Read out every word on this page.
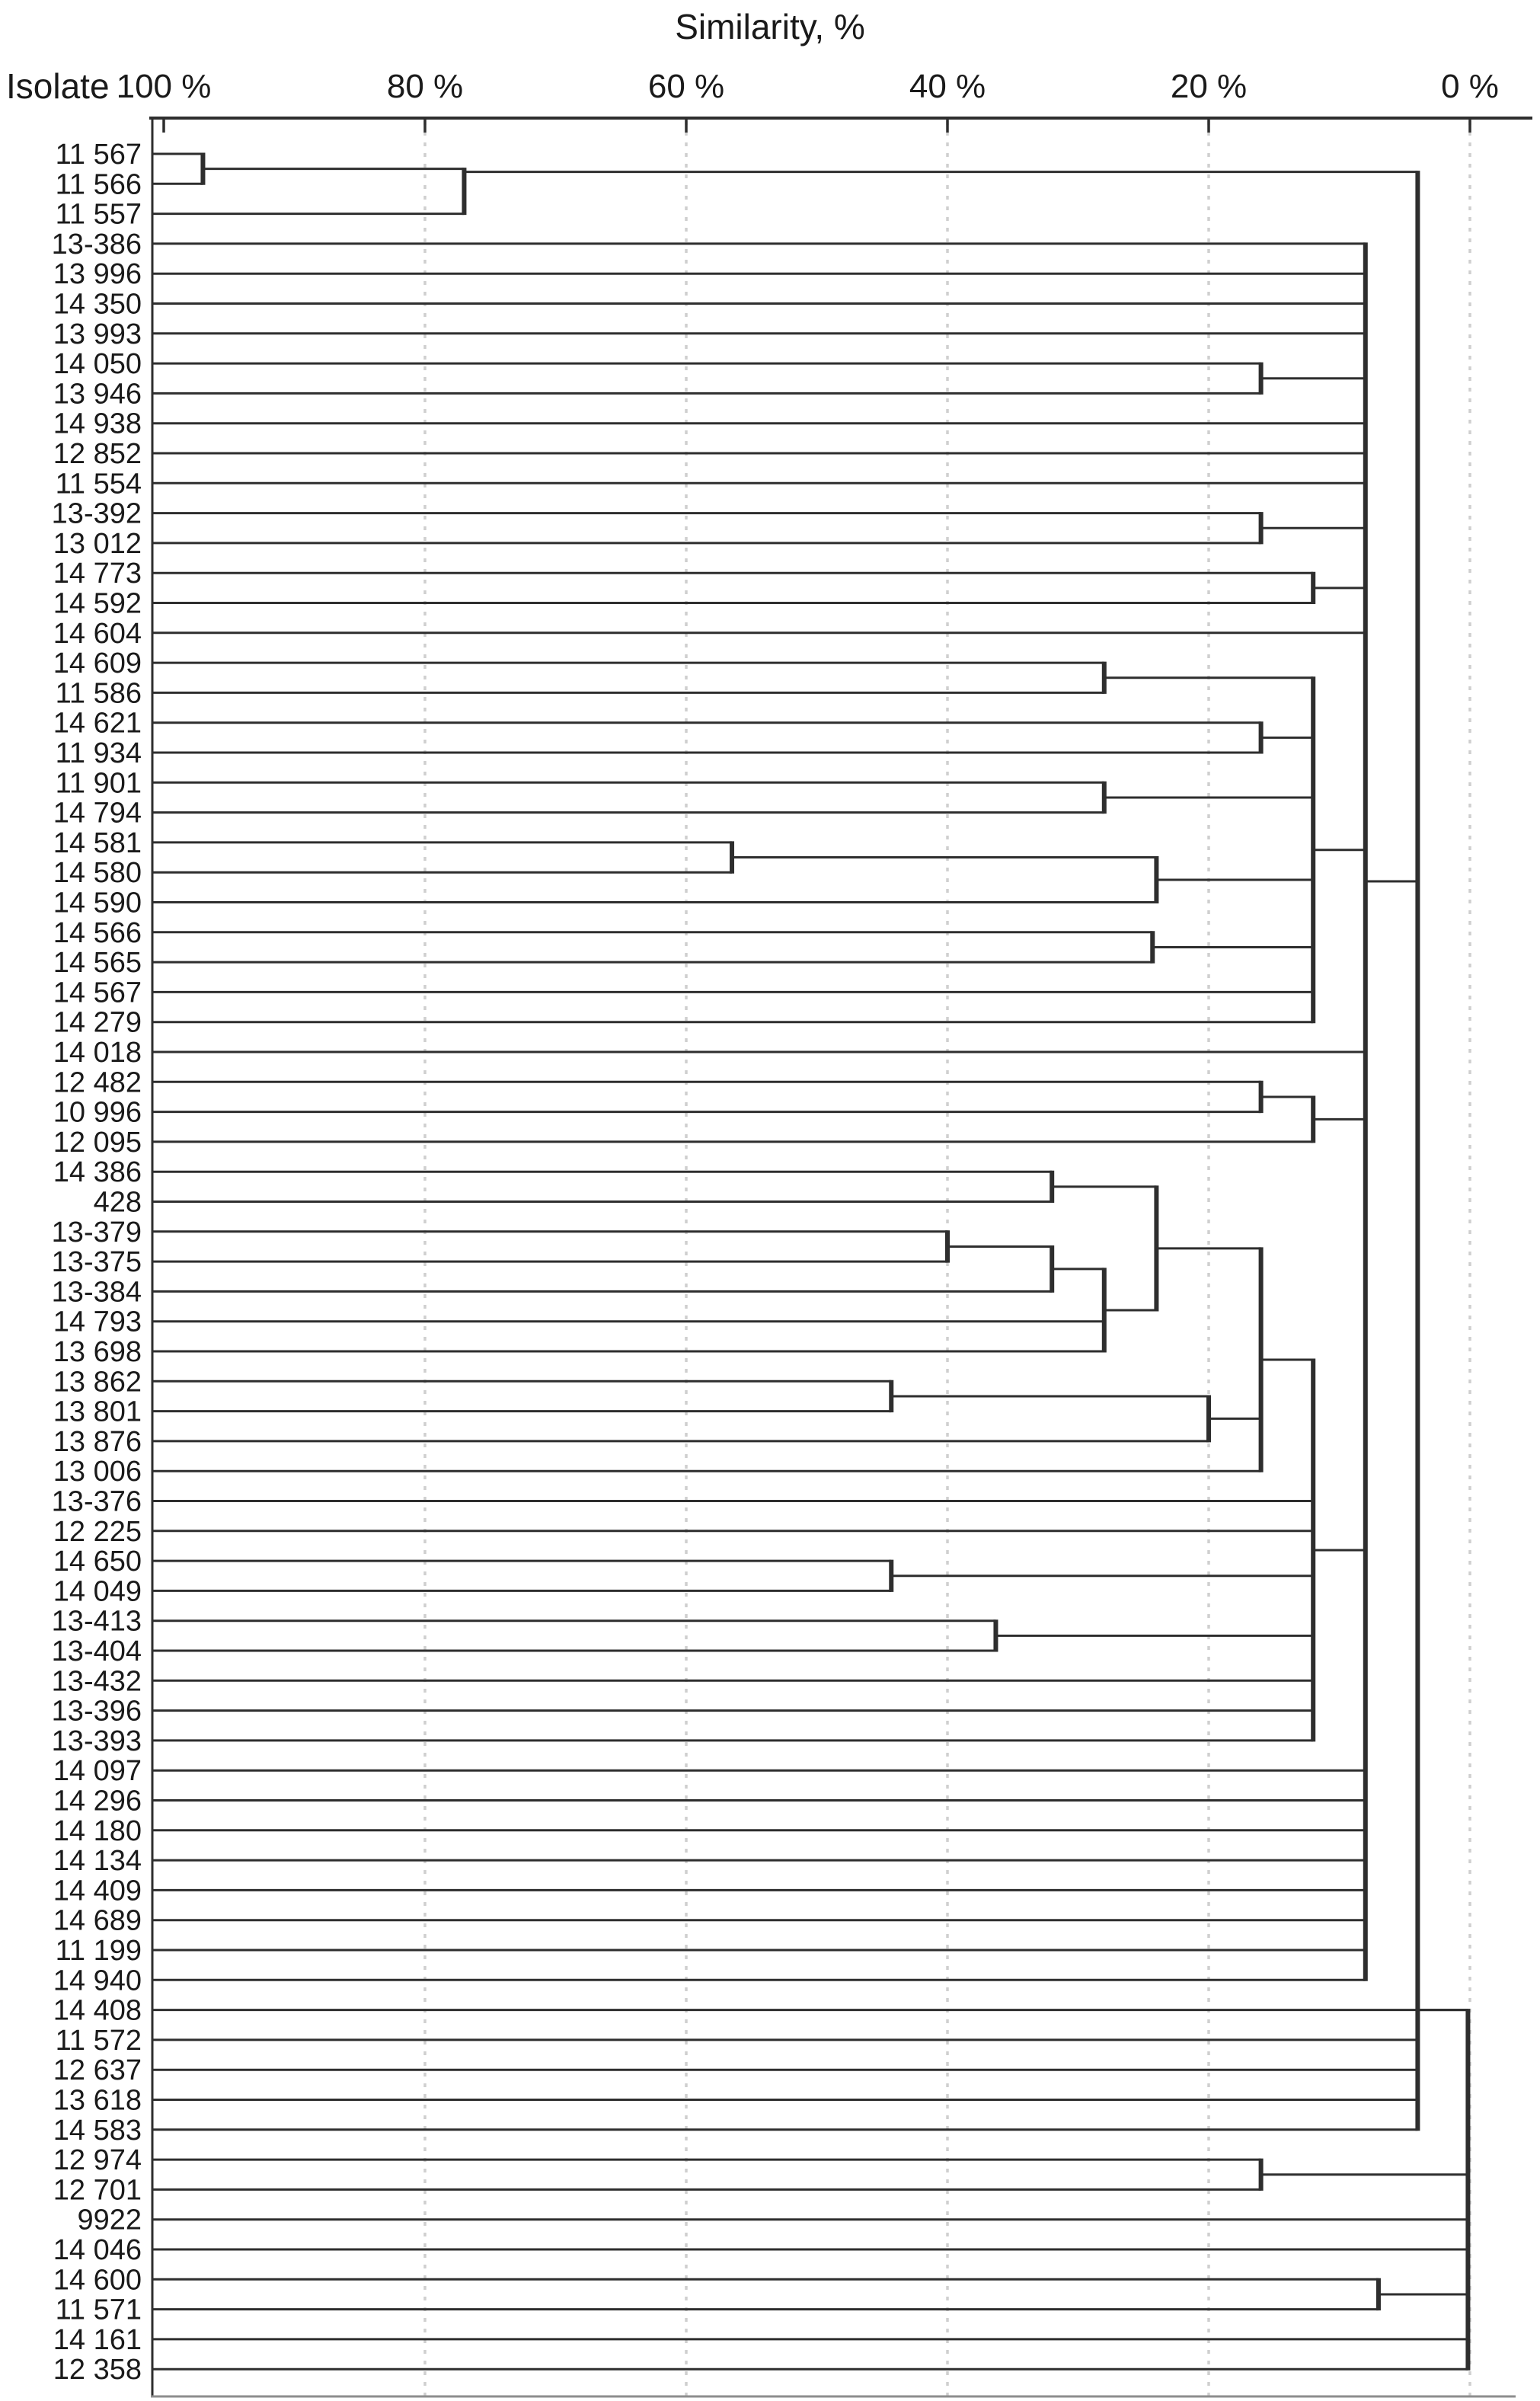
Similarity, %
Isolate 100 %	80 %	60 %	40 %	20 %	0 %
11 567
11 566
11 557
13-386
13 996
14 350
13 993
14 050
13 946
14 938
12 852
11 554
13-392
13 012
14 773
14 592
14 604
14 609
11 586
14 621
11 934
11 901
14 794
14 581
14 580
14 590
14 566
14 565
14 567
14 279
14 018
12 482
10 996
12 095
14 386
428
13-379
13-375
13-384
14 793
13 698
13 862
13 801
13 876
13 006
13-376
12 225
14 650
14 049
13-413
13-404
13-432
13-396
13-393
14 097
14 296
14 180
14 134
14 409
14 689
11 199
14 940
14 408
11 572
12 637
13 618
14 583
12 974
12 701
9922
14 046
14 600
11 571
14 161
12 358
